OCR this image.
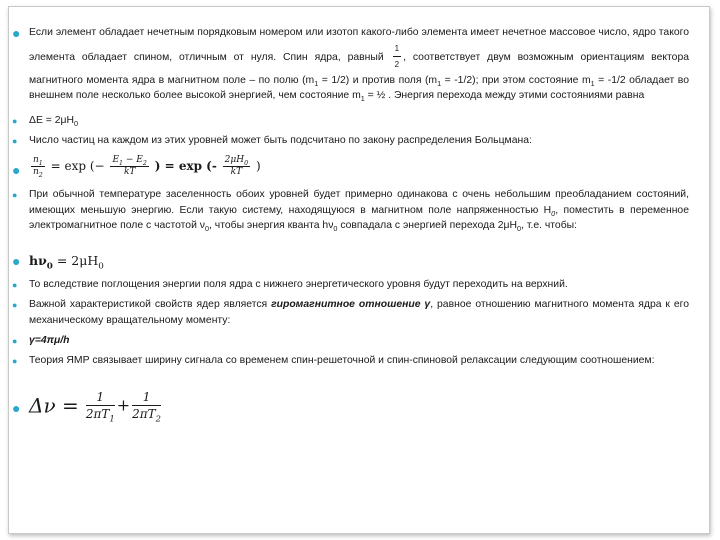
● Если элемент обладает нечетным порядковым номером или изотоп какого-либо элемента имеет нечетное массовое число, ядро такого элемента обладает спином, отличным от нуля. Спин ядра, равный $\frac{1}{2}$ , соответствует двум возможным ориентациям вектора магнитного момента ядра в магнитном поле – по полю $(m_1 = 1/2)$ и против поля $(m_1 = -1/2)$; при этом состояние $m_1 = -1/2$ обладает во внешнем поле несколько более высокой энергией, чем состояние $m_1$ = ½ . Энергия перехода между этими состояниями равна
● $\Delta E = 2\mu H_0$
● Число частиц на каждом из этих уровней может быть подсчитано по закону распределения Больцмана:
● $\frac{n_1}{n_2} = \exp$ (− $\frac{E_1 - E_2}{kT}$ ) = exp (- $\frac{2\mu H_0}{kT}$ )
● При обычной температуре заселенность обоих уровней будет примерно одинакова с очень небольшим преобладанием состояний, имеющих меньшую энергию. Если такую систему, находящуюся в магнитном поле напряженностью $H_0$, поместить в переменное электромагнитное поле с частотой $\nu_0$, чтобы энергия кванта $h\nu_0$ совпадала с энергией перехода $2\mu H_0$, т.е. чтобы:
● $h\nu_0 = 2\mu H_0$
● То вследствие поглощения энергии поля ядра с нижнего энергетического уровня будут переходить на верхний.
● Важной характеристикой свойств ядер является гиромагнитное отношение γ, равное отношению магнитного момента ядра к его механическому вращательному моменту:
● γ=4πμ/h
● Теория ЯМР связывает ширину сигнала со временем спин-решеточной и спин-спиновой релаксации следующим соотношением:
● $\Delta\nu = \frac{1}{2\pi T_1} + \frac{1}{2\pi T_2}$
